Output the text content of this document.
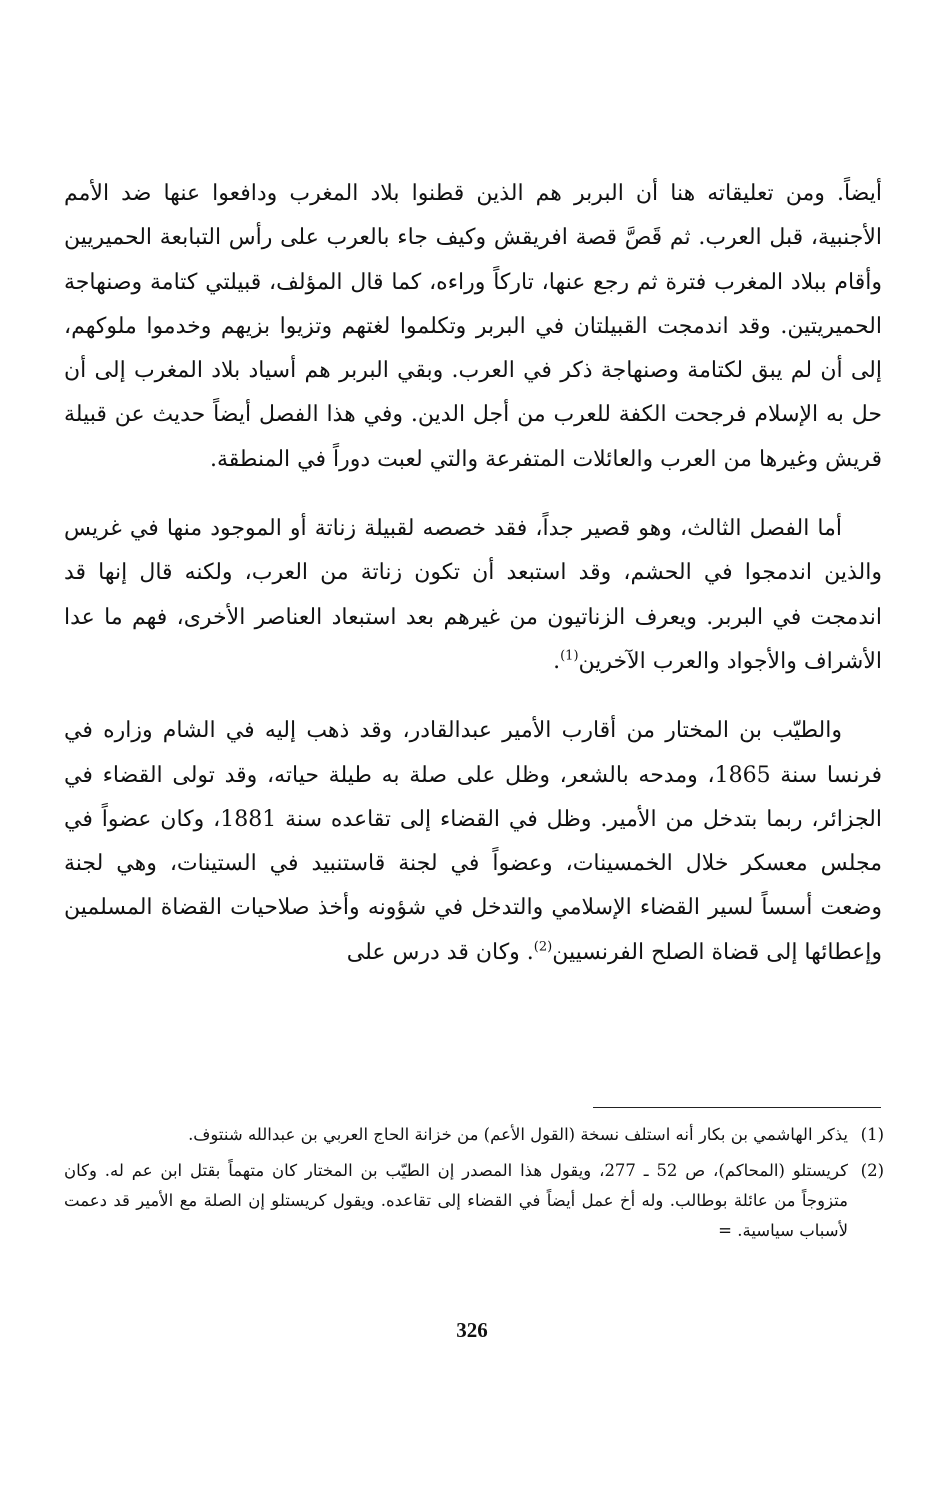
أيضاً. ومن تعليقاته هنا أن البربر هم الذين قطنوا بلاد المغرب ودافعوا عنها ضد الأمم الأجنبية، قبل العرب. ثم قَصَّ قصة افريقش وكيف جاء بالعرب على رأس التبابعة الحميريين وأقام ببلاد المغرب فترة ثم رجع عنها، تاركاً وراءه، كما قال المؤلف، قبيلتي كتامة وصنهاجة الحميريتين. وقد اندمجت القبيلتان في البربر وتكلموا لغتهم وتزيوا بزيهم وخدموا ملوكهم، إلى أن لم يبق لكتامة وصنهاجة ذكر في العرب. وبقي البربر هم أسياد بلاد المغرب إلى أن حل به الإسلام فرجحت الكفة للعرب من أجل الدين. وفي هذا الفصل أيضاً حديث عن قبيلة قريش وغيرها من العرب والعائلات المتفرعة والتي لعبت دوراً في المنطقة.

أما الفصل الثالث، وهو قصير جداً، فقد خصصه لقبيلة زناتة أو الموجود منها في غريس والذين اندمجوا في الحشم، وقد استبعد أن تكون زناتة من العرب، ولكنه قال إنها قد اندمجت في البربر. ويعرف الزناتيون من غيرهم بعد استبعاد العناصر الأخرى، فهم ما عدا الأشراف والأجواد والعرب الآخرين$^{(1)}$.

والطيّب بن المختار من أقارب الأمير عبدالقادر، وقد ذهب إليه في الشام وزاره في فرنسا سنة 1865، ومدحه بالشعر، وظل على صلة به طيلة حياته، وقد تولى القضاء في الجزائر، ربما بتدخل من الأمير. وظل في القضاء إلى تقاعده سنة 1881، وكان عضواً في مجلس معسكر خلال الخمسينات، وعضواً في لجنة قاستنبيد في الستينات، وهي لجنة وضعت أسساً لسير القضاء الإسلامي والتدخل في شؤونه وأخذ صلاحيات القضاة المسلمين وإعطائها إلى قضاة الصلح الفرنسيين$^{(2)}$. وكان قد درس على

(1)
يذكر الهاشمي بن بكار أنه استلف نسخة (القول الأعم) من خزانة الحاج العربي بن عبدالله شنتوف.
(2)
كريستلو (المحاكم)، ص 52 ـ 277، ويقول هذا المصدر إن الطيّب بن المختار كان متهماً بقتل ابن عم له. وكان متزوجاً من عائلة بوطالب. وله أخ عمل أيضاً في القضاء إلى تقاعده. ويقول كريستلو إن الصلة مع الأمير قد دعمت لأسباب سياسية. =
326
